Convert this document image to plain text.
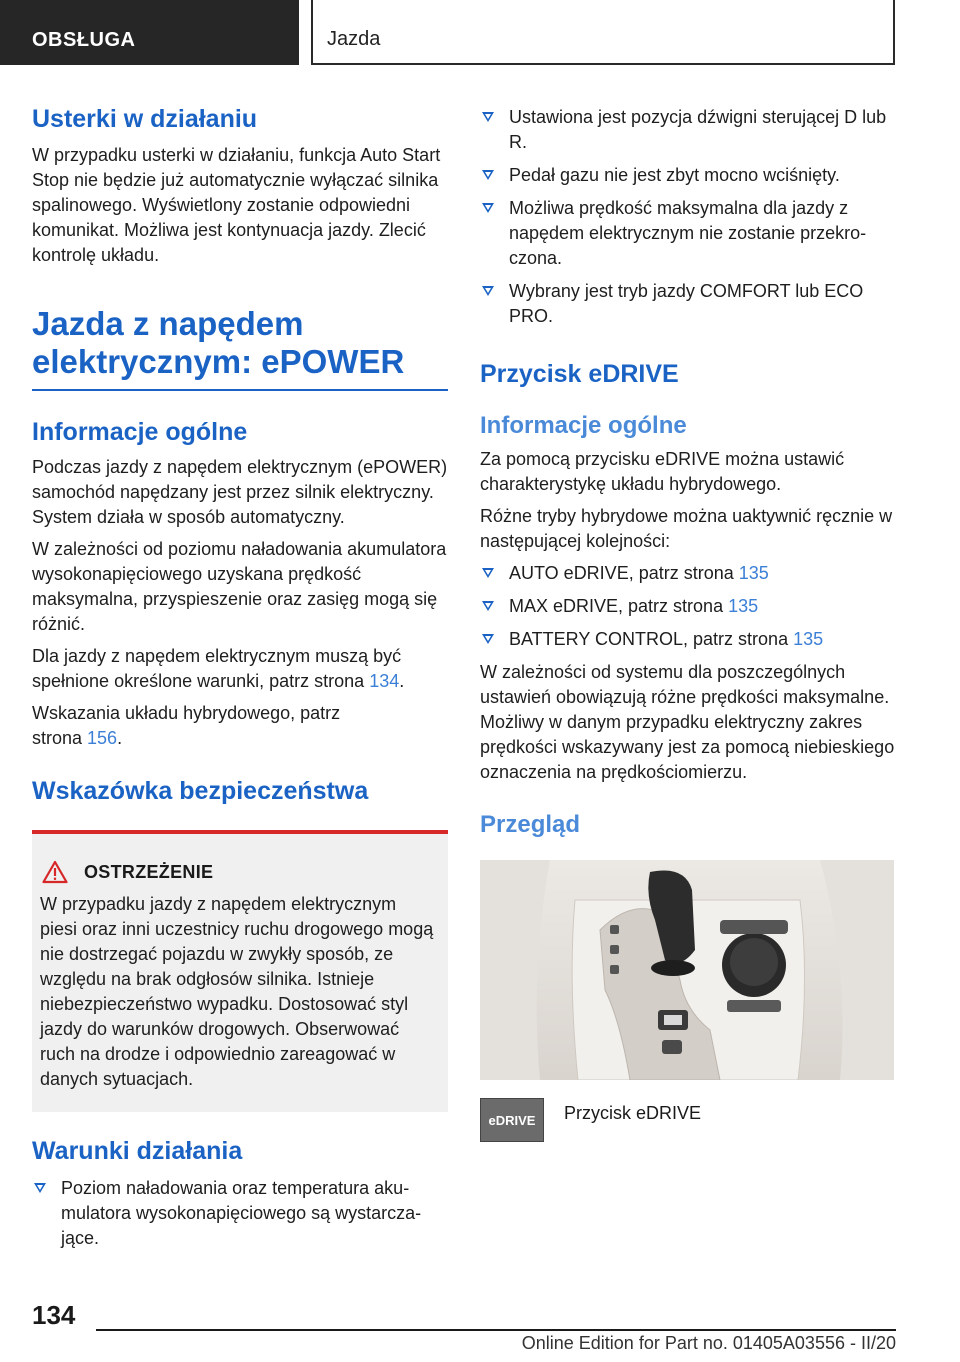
OBSŁUGA	Jazda
Usterki w działaniu

W przypadku usterki w działaniu, funkcja Auto Start Stop nie będzie już automatycznie wyłączać silnika spalinowego. Wyświetlony zostanie odpowiedni komunikat. Możliwa jest kontynuacja jazdy. Zlecić kontrolę układu.

Jazda z napędem elektrycznym: ePOWER
Informacje ogólne

Podczas jazdy z napędem elektrycznym (ePOWER) samochód napędzany jest przez silnik elektryczny. System działa w sposób automatyczny.

W zależności od poziomu naładowania akumulatora wysokonapięciowego uzyskana prędkość maksymalna, przyspieszenie oraz zasięg mogą się różnić.

Dla jazdy z napędem elektrycznym muszą być spełnione określone warunki, patrz strona 134.

Wskazania układu hybrydowego, patrz strona 156.

Wskazówka bezpieczeństwa
OSTRZEŻENIE

W przypadku jazdy z napędem elektrycznym piesi oraz inni uczestnicy ruchu drogowego mogą nie dostrzegać pojazdu w zwykły sposób, ze względu na brak odgłosów silnika. Istnieje niebezpieczeństwo wypadku. Dostosować styl jazdy do warunków drogowych. Obserwować ruch na drodze i odpowiednio zareagować w danych sytuacjach.

Warunki działania
Poziom naładowania oraz temperatura akumulatora wysokonapięciowego są wystarczające.
Ustawiona jest pozycja dźwigni sterującej D lub R.
Pedał gazu nie jest zbyt mocno wciśnięty.
Możliwa prędkość maksymalna dla jazdy z napędem elektrycznym nie zostanie przekroczona.
Wybrany jest tryb jazdy COMFORT lub ECO PRO.
Przycisk eDRIVE
Informacje ogólne

Za pomocą przycisku eDRIVE można ustawić charakterystykę układu hybrydowego.

Różne tryby hybrydowe można uaktywnić ręcznie w następującej kolejności:

AUTO eDRIVE, patrz strona 135
MAX eDRIVE, patrz strona 135
BATTERY CONTROL, patrz strona 135

W zależności od systemu dla poszczególnych ustawień obowiązują różne prędkości maksymalne. Możliwy w danym przypadku elektryczny zakres prędkości wskazywany jest za pomocą niebieskiego oznaczenia na prędkościomierzu.

Przegląd
eDRIVE	Przycisk eDRIVE
134
Online Edition for Part no. 01405A03556 - II/20
